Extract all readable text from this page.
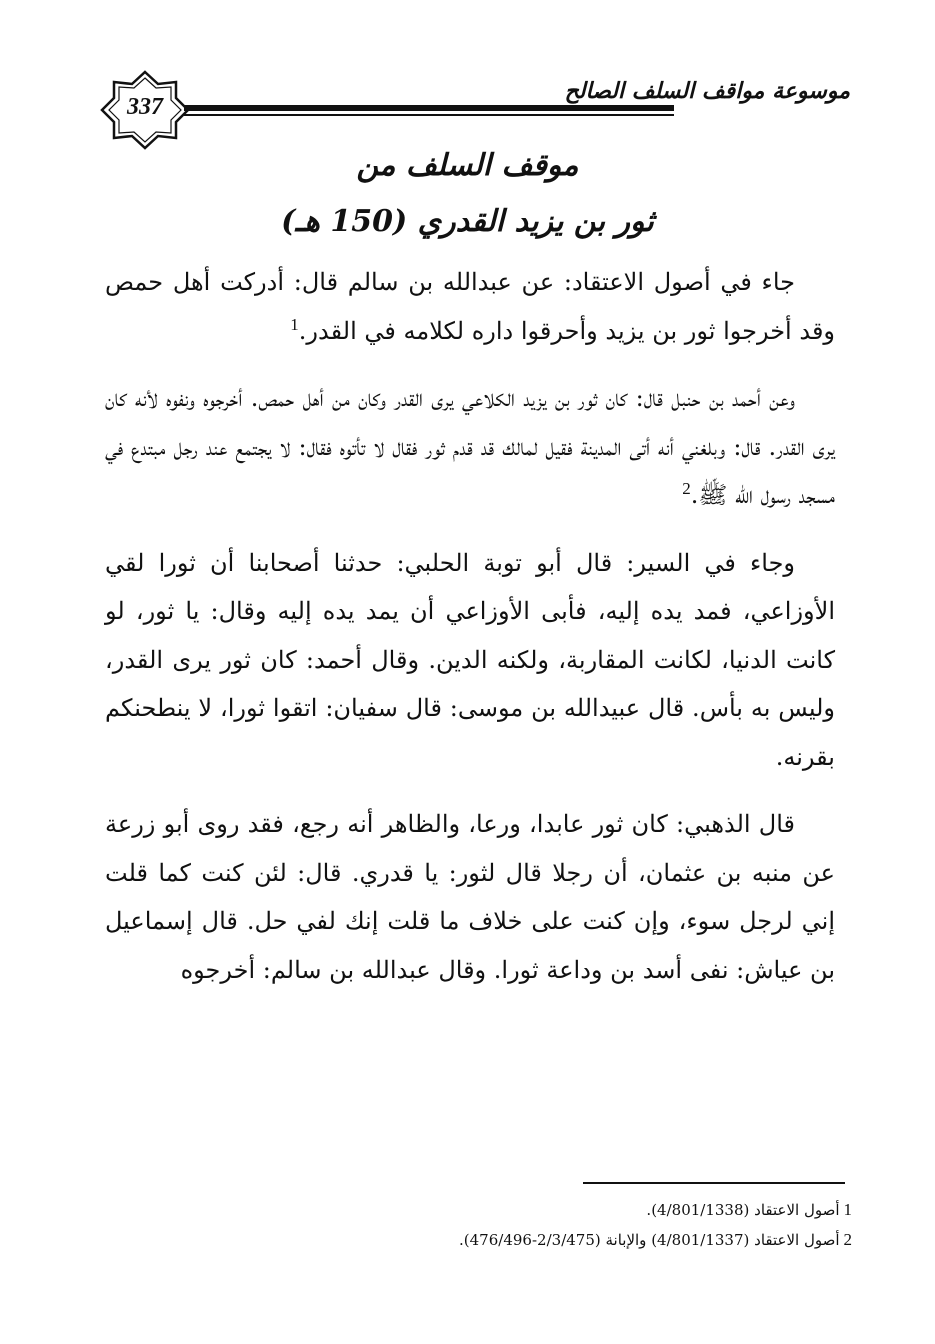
337
موسوعة مواقف السلف الصالح
موقف السلف من
ثور بن يزيد القدري (150 هـ)

جاء في أصول الاعتقاد: عن عبدالله بن سالم قال: أدركت أهل حمص وقد أخرجوا ثور بن يزيد وأحرقوا داره لكلامه في القدر.$^1$

وعن أحمد بن حنبل قال: كان ثور بن يزيد الكلاعي يرى القدر وكان من أهل حمص. أخرجوه ونفوه لأنه كان يرى القدر. قال: وبلغني أنه أتى المدينة فقيل لمالك قد قدم ثور فقال لا تأتوه فقال: لا يجتمع عند رجل مبتدع في مسجد رسول الله ﷺ.$^2$

وجاء في السير: قال أبو توبة الحلبي: حدثنا أصحابنا أن ثورا لقي الأوزاعي، فمد يده إليه، فأبى الأوزاعي أن يمد يده إليه وقال: يا ثور، لو كانت الدنيا، لكانت المقاربة، ولكنه الدين. وقال أحمد: كان ثور يرى القدر، وليس به بأس. قال عبيدالله بن موسى: قال سفيان: اتقوا ثورا، لا ينطحنكم بقرنه.

قال الذهبي: كان ثور عابدا، ورعا، والظاهر أنه رجع، فقد روى أبو زرعة عن منبه بن عثمان، أن رجلا قال لثور: يا قدري. قال: لئن كنت كما قلت إني لرجل سوء، وإن كنت على خلاف ما قلت إنك لفي حل. قال إسماعيل بن عياش: نفى أسد بن وداعة ثورا. وقال عبدالله بن سالم: أخرجوه

1أصول الاعتقاد (4/801/1338).
2أصول الاعتقاد (4/801/1337) والإبانة (2/3/475-476/496).
